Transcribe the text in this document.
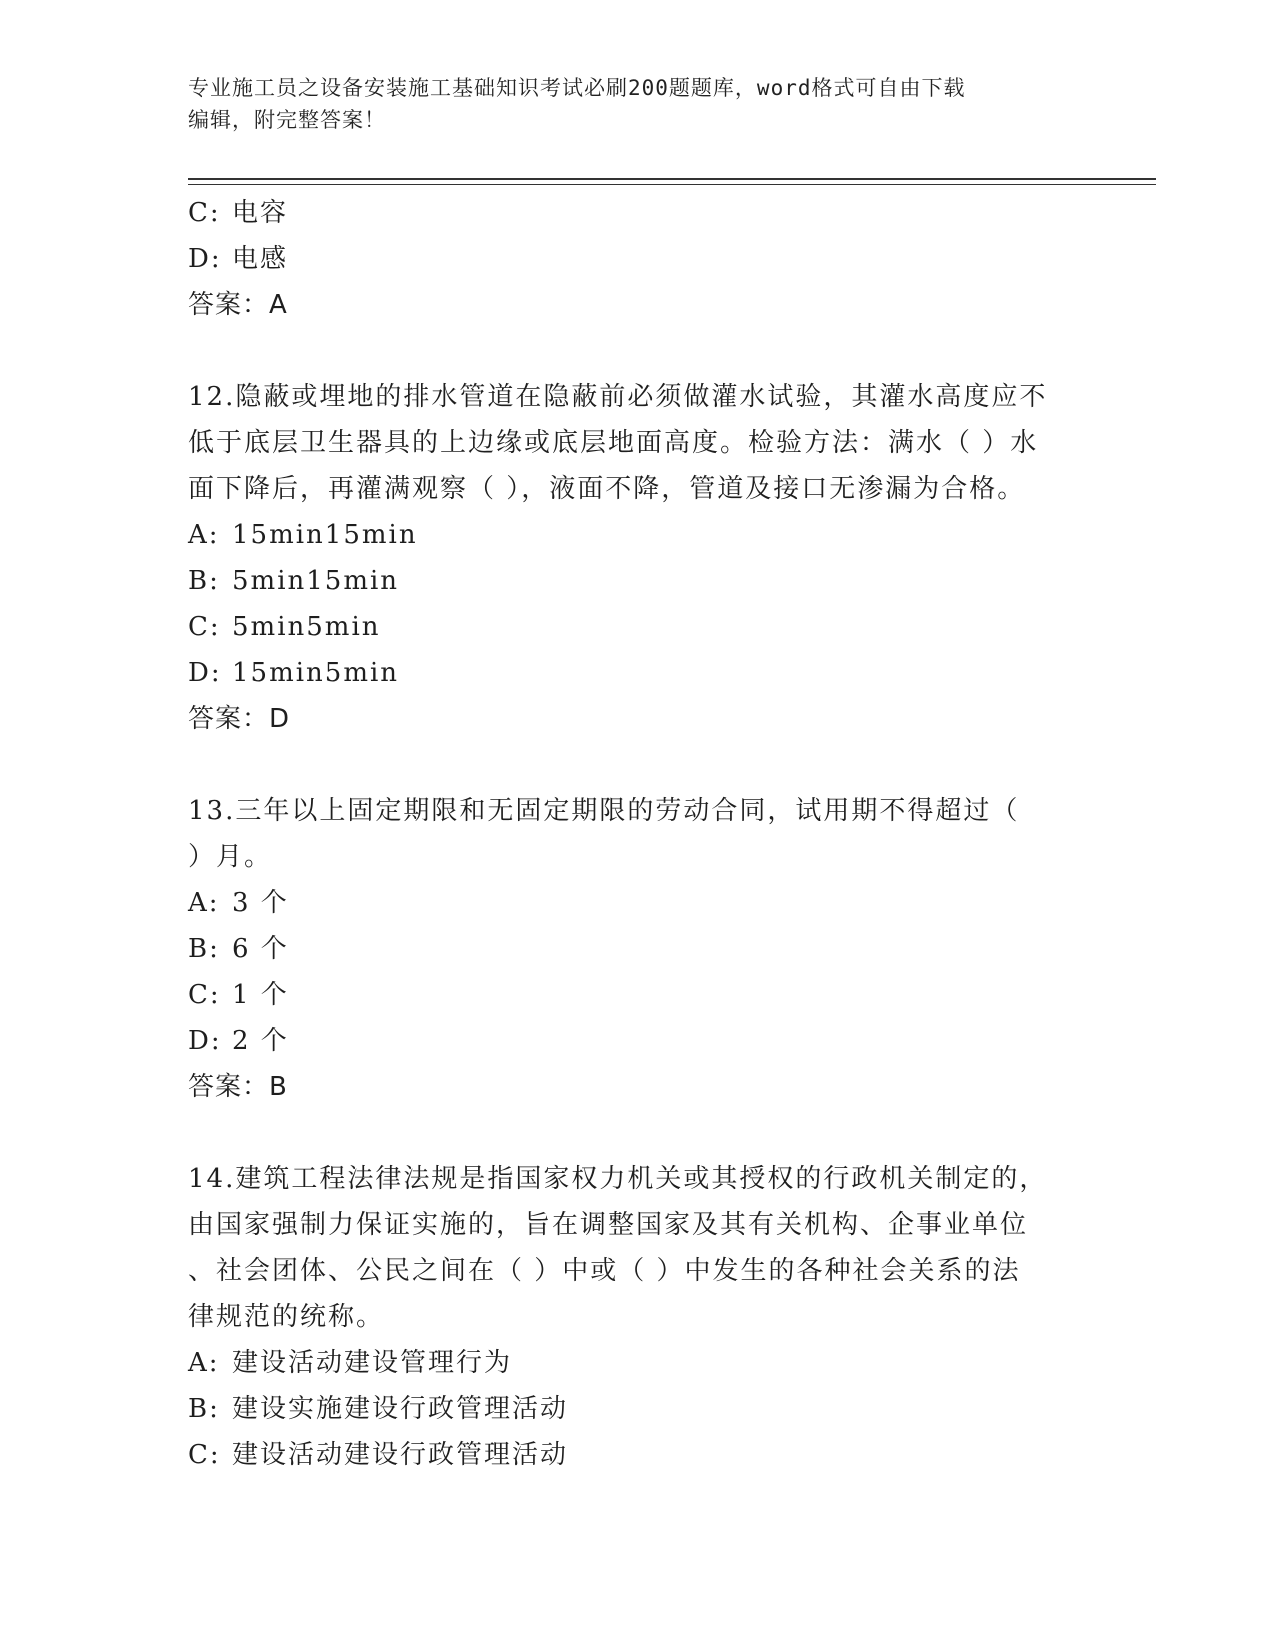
专业施工员之设备安装施工基础知识考试必刷200题题库，word格式可自由下载
编辑，附完整答案！
C: 电容
D: 电感
答案：A
12.隐蔽或埋地的排水管道在隐蔽前必须做灌水试验，其灌水高度应不
低于底层卫生器具的上边缘或底层地面高度。检验方法：满水（ ）水
面下降后，再灌满观察（ ），液面不降，管道及接口无渗漏为合格。
A: 15min15min
B: 5min15min
C: 5min5min
D: 15min5min
答案：D
13.三年以上固定期限和无固定期限的劳动合同，试用期不得超过（
）月。
A: 3 个
B: 6 个
C: 1 个
D: 2 个
答案：B
14.建筑工程法律法规是指国家权力机关或其授权的行政机关制定的，
由国家强制力保证实施的，旨在调整国家及其有关机构、企事业单位
、社会团体、公民之间在（ ）中或（ ）中发生的各种社会关系的法
律规范的统称。
A: 建设活动建设管理行为
B: 建设实施建设行政管理活动
C: 建设活动建设行政管理活动
